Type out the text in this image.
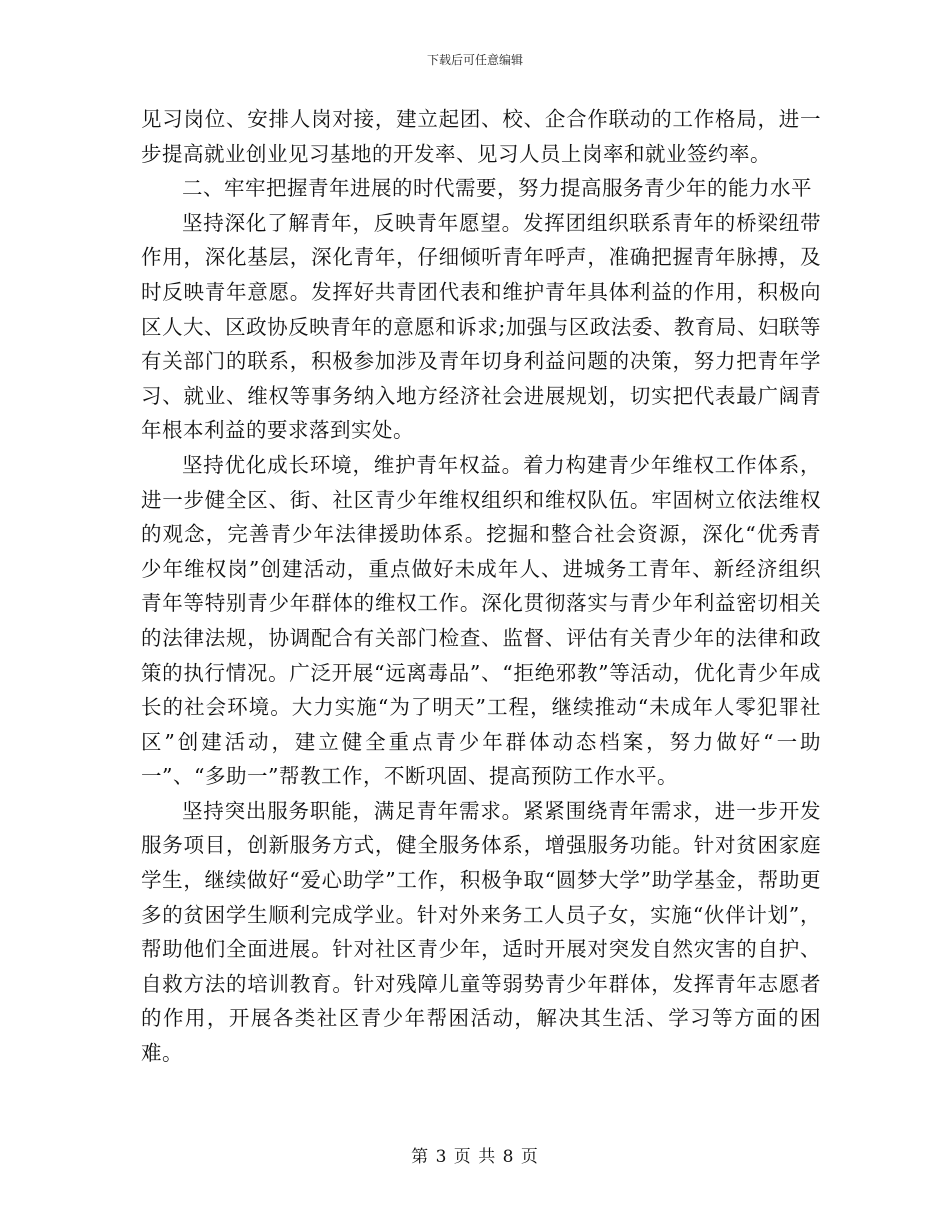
下载后可任意编辑

见习岗位、安排人岗对接，建立起团、校、企合作联动的工作格局，进一步提高就业创业见习基地的开发率、见习人员上岗率和就业签约率。

二、牢牢把握青年进展的时代需要，努力提高服务青少年的能力水平

坚持深化了解青年，反映青年愿望。发挥团组织联系青年的桥梁纽带作用，深化基层，深化青年，仔细倾听青年呼声，准确把握青年脉搏，及时反映青年意愿。发挥好共青团代表和维护青年具体利益的作用，积极向区人大、区政协反映青年的意愿和诉求;加强与区政法委、教育局、妇联等有关部门的联系，积极参加涉及青年切身利益问题的决策，努力把青年学习、就业、维权等事务纳入地方经济社会进展规划，切实把代表最广阔青年根本利益的要求落到实处。

坚持优化成长环境，维护青年权益。着力构建青少年维权工作体系，进一步健全区、街、社区青少年维权组织和维权队伍。牢固树立依法维权的观念，完善青少年法律援助体系。挖掘和整合社会资源，深化“优秀青少年维权岗”创建活动，重点做好未成年人、进城务工青年、新经济组织青年等特别青少年群体的维权工作。深化贯彻落实与青少年利益密切相关的法律法规，协调配合有关部门检查、监督、评估有关青少年的法律和政策的执行情况。广泛开展“远离毒品”、“拒绝邪教”等活动，优化青少年成长的社会环境。大力实施“为了明天”工程，继续推动“未成年人零犯罪社区”创建活动，建立健全重点青少年群体动态档案，努力做好“一助一”、“多助一”帮教工作，不断巩固、提高预防工作水平。

坚持突出服务职能，满足青年需求。紧紧围绕青年需求，进一步开发服务项目，创新服务方式，健全服务体系，增强服务功能。针对贫困家庭学生，继续做好“爱心助学”工作，积极争取“圆梦大学”助学基金，帮助更多的贫困学生顺利完成学业。针对外来务工人员子女，实施“伙伴计划”，帮助他们全面进展。针对社区青少年，适时开展对突发自然灾害的自护、自救方法的培训教育。针对残障儿童等弱势青少年群体，发挥青年志愿者的作用，开展各类社区青少年帮困活动，解决其生活、学习等方面的困难。

第 3 页 共 8 页
